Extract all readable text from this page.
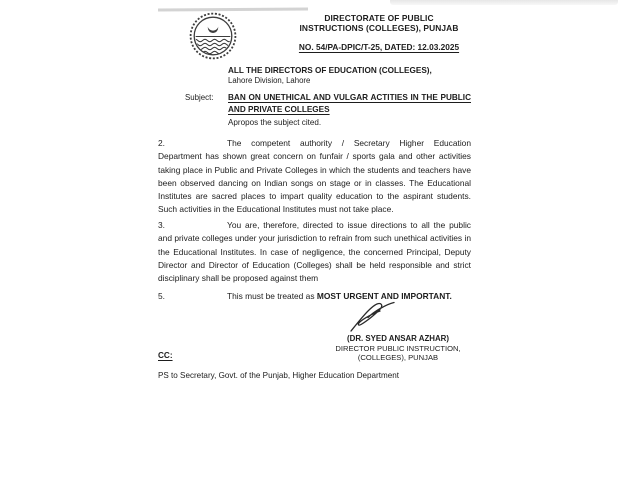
DIRECTORATE OF PUBLIC
INSTRUCTIONS (COLLEGES), PUNJAB
NO. 54/PA-DPIC/T-25, DATED: 12.03.2025
ALL THE DIRECTORS OF EDUCATION (COLLEGES),
Lahore Division, Lahore
Subject: BAN ON UNETHICAL AND VULGAR ACTITIES IN THE PUBLIC AND PRIVATE COLLEGES
Apropos the subject cited.
2.	The competent authority / Secretary Higher Education Department has shown great concern on funfair / sports gala and other activities taking place in Public and Private Colleges in which the students and teachers have been observed dancing on Indian songs on stage or in classes. The Educational Institutes are sacred places to impart quality education to the aspirant students. Such activities in the Educational Institutes must not take place.
3.	You are, therefore, directed to issue directions to all the public and private colleges under your jurisdiction to refrain from such unethical activities in the Educational Institutes. In case of negligence, the concerned Principal, Deputy Director and Director of Education (Colleges) shall be held responsible and strict disciplinary shall be proposed against them
5.	This must be treated as MOST URGENT AND IMPORTANT.
(DR. SYED ANSAR AZHAR)
DIRECTOR PUBLIC INSTRUCTION,
(COLLEGES), PUNJAB
CC:
PS to Secretary, Govt. of the Punjab, Higher Education Department
